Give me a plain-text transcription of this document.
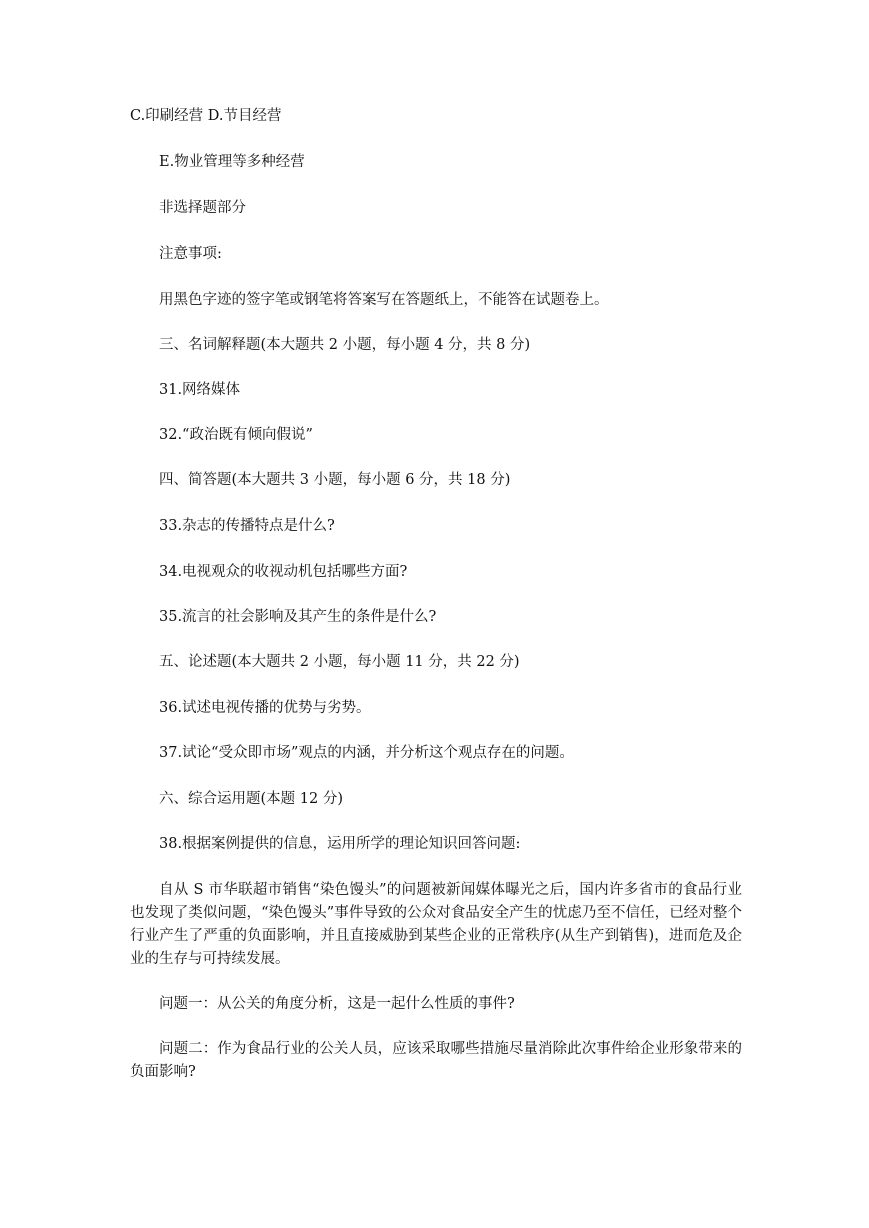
C.印刷经营 D.节目经营

E.物业管理等多种经营

非选择题部分

注意事项:

用黑色字迹的签字笔或钢笔将答案写在答题纸上，不能答在试题卷上。

三、名词解释题(本大题共 2 小题，每小题 4 分，共 8 分)

31.网络媒体

32.“政治既有倾向假说”

四、简答题(本大题共 3 小题，每小题 6 分，共 18 分)

33.杂志的传播特点是什么?

34.电视观众的收视动机包括哪些方面?

35.流言的社会影响及其产生的条件是什么?

五、论述题(本大题共 2 小题，每小题 11 分，共 22 分)

36.试述电视传播的优势与劣势。

37.试论“受众即市场”观点的内涵，并分析这个观点存在的问题。

六、综合运用题(本题 12 分)

38.根据案例提供的信息，运用所学的理论知识回答问题:

自从 S 市华联超市销售“染色馒头”的问题被新闻媒体曝光之后，国内许多省市的食品行业也发现了类似问题，“染色馒头”事件导致的公众对食品安全产生的忧虑乃至不信任，已经对整个行业产生了严重的负面影响，并且直接威胁到某些企业的正常秩序(从生产到销售)，进而危及企业的生存与可持续发展。

问题一：从公关的角度分析，这是一起什么性质的事件?

问题二：作为食品行业的公关人员，应该采取哪些措施尽量消除此次事件给企业形象带来的负面影响?
